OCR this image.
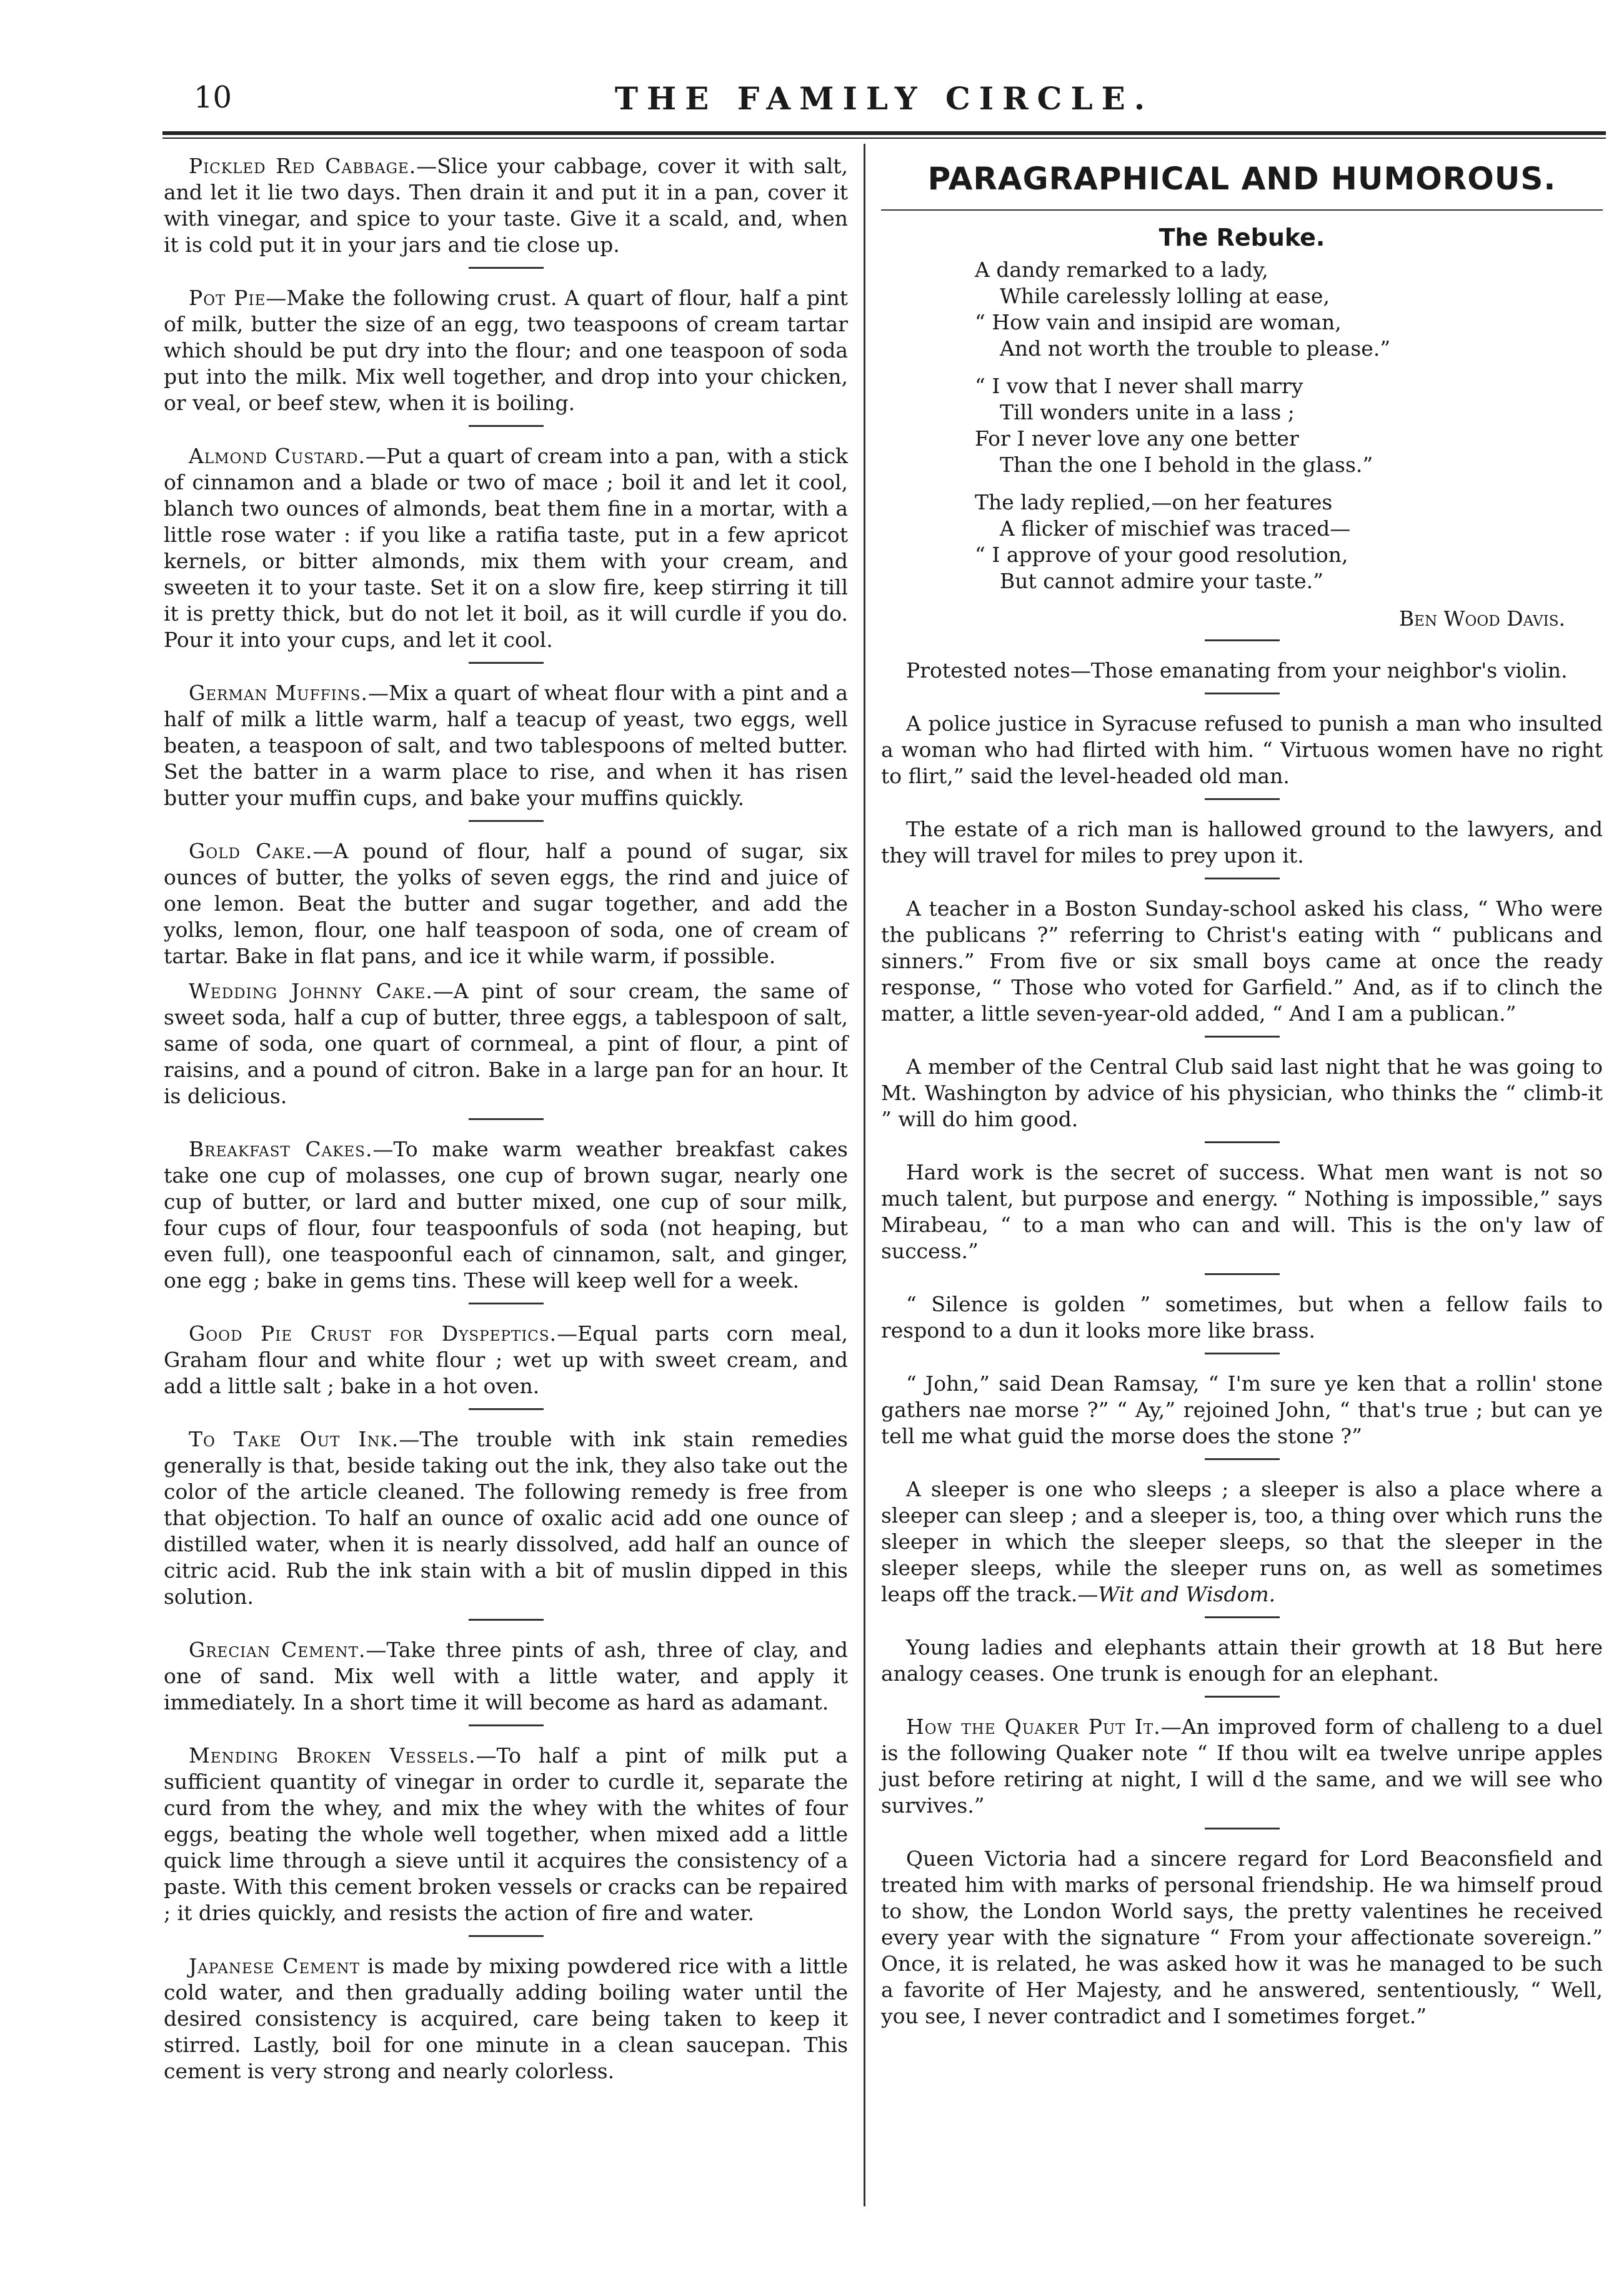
10	THE FAMILY CIRCLE.

Pickled Red Cabbage.—Slice your cabbage, cover it with salt, and let it lie two days. Then drain it and put it in a pan, cover it with vinegar, and spice to your taste. Give it a scald, and, when it is cold put it in your jars and tie close up.

Pot Pie—Make the following crust. A quart of flour, half a pint of milk, butter the size of an egg, two teaspoons of cream tartar which should be put dry into the flour; and one teaspoon of soda put into the milk. Mix well together, and drop into your chicken, or veal, or beef stew, when it is boiling.

Almond Custard.—Put a quart of cream into a pan, with a stick of cinnamon and a blade or two of mace ; boil it and let it cool, blanch two ounces of almonds, beat them fine in a mortar, with a little rose water : if you like a ratifia taste, put in a few apricot kernels, or bitter almonds, mix them with your cream, and sweeten it to your taste. Set it on a slow fire, keep stirring it till it is pretty thick, but do not let it boil, as it will curdle if you do. Pour it into your cups, and let it cool.

German Muffins.—Mix a quart of wheat flour with a pint and a half of milk a little warm, half a teacup of yeast, two eggs, well beaten, a teaspoon of salt, and two tablespoons of melted butter. Set the batter in a warm place to rise, and when it has risen butter your muffin cups, and bake your muffins quickly.

Gold Cake.—A pound of flour, half a pound of sugar, six ounces of butter, the yolks of seven eggs, the rind and juice of one lemon. Beat the butter and sugar together, and add the yolks, lemon, flour, one half teaspoon of soda, one of cream of tartar. Bake in flat pans, and ice it while warm, if possible.

Wedding Johnny Cake.—A pint of sour cream, the same of sweet soda, half a cup of butter, three eggs, a tablespoon of salt, same of soda, one quart of cornmeal, a pint of flour, a pint of raisins, and a pound of citron. Bake in a large pan for an hour. It is delicious.

Breakfast Cakes.—To make warm weather breakfast cakes take one cup of molasses, one cup of brown sugar, nearly one cup of butter, or lard and butter mixed, one cup of sour milk, four cups of flour, four teaspoonfuls of soda (not heaping, but even full), one teaspoonful each of cinnamon, salt, and ginger, one egg ; bake in gems tins. These will keep well for a week.

Good Pie Crust for Dyspeptics.—Equal parts corn meal, Graham flour and white flour ; wet up with sweet cream, and add a little salt ; bake in a hot oven.

To Take Out Ink.—The trouble with ink stain remedies generally is that, beside taking out the ink, they also take out the color of the article cleaned. The following remedy is free from that objection. To half an ounce of oxalic acid add one ounce of distilled water, when it is nearly dissolved, add half an ounce of citric acid. Rub the ink stain with a bit of muslin dipped in this solution.

Grecian Cement.—Take three pints of ash, three of clay, and one of sand. Mix well with a little water, and apply it immediately. In a short time it will become as hard as adamant.

Mending Broken Vessels.—To half a pint of milk put a sufficient quantity of vinegar in order to curdle it, separate the curd from the whey, and mix the whey with the whites of four eggs, beating the whole well together, when mixed add a little quick lime through a sieve until it acquires the consistency of a paste. With this cement broken vessels or cracks can be repaired ; it dries quickly, and resists the action of fire and water.

Japanese Cement is made by mixing powdered rice with a little cold water, and then gradually adding boiling water until the desired consistency is acquired, care being taken to keep it stirred. Lastly, boil for one minute in a clean saucepan. This cement is very strong and nearly colorless.

PARAGRAPHICAL AND HUMOROUS.
The Rebuke.
A dandy remarked to a lady,
While carelessly lolling at ease,
“ How vain and insipid are woman,
And not worth the trouble to please.”
“ I vow that I never shall marry
Till wonders unite in a lass ;
For I never love any one better
Than the one I behold in the glass.”
The lady replied,—on her features
A flicker of mischief was traced—
“ I approve of your good resolution,
But cannot admire your taste.”
Ben Wood Davis.

Protested notes—Those emanating from your neighbor's violin.

A police justice in Syracuse refused to punish a man who insulted a woman who had flirted with him. “ Virtuous women have no right to flirt,” said the level-headed old man.

The estate of a rich man is hallowed ground to the lawyers, and they will travel for miles to prey upon it.

A teacher in a Boston Sunday-school asked his class, “ Who were the publicans ?” referring to Christ's eating with “ publicans and sinners.” From five or six small boys came at once the ready response, “ Those who voted for Garfield.” And, as if to clinch the matter, a little seven-year-old added, “ And I am a publican.”

A member of the Central Club said last night that he was going to Mt. Washington by advice of his physician, who thinks the “ climb-it ” will do him good.

Hard work is the secret of success. What men want is not so much talent, but purpose and energy. “ Nothing is impossible,” says Mirabeau, “ to a man who can and will. This is the on'y law of success.”

“ Silence is golden ” sometimes, but when a fellow fails to respond to a dun it looks more like brass.

“ John,” said Dean Ramsay, “ I'm sure ye ken that a rollin' stone gathers nae morse ?” “ Ay,” rejoined John, “ that's true ; but can ye tell me what guid the morse does the stone ?”

A sleeper is one who sleeps ; a sleeper is also a place where a sleeper can sleep ; and a sleeper is, too, a thing over which runs the sleeper in which the sleeper sleeps, so that the sleeper in the sleeper sleeps, while the sleeper runs on, as well as sometimes leaps off the track.—Wit and Wisdom.

Young ladies and elephants attain their growth at 18 But here analogy ceases. One trunk is enough for an elephant.

How the Quaker Put It.—An improved form of challeng to a duel is the following Quaker note “ If thou wilt ea twelve unripe apples just before retiring at night, I will d the same, and we will see who survives.”

Queen Victoria had a sincere regard for Lord Beaconsfield and treated him with marks of personal friendship. He wa himself proud to show, the London World says, the pretty valentines he received every year with the signature “ From your affectionate sovereign.” Once, it is related, he was asked how it was he managed to be such a favorite of Her Majesty, and he answered, sententiously, “ Well, you see, I never contradict and I sometimes forget.”
